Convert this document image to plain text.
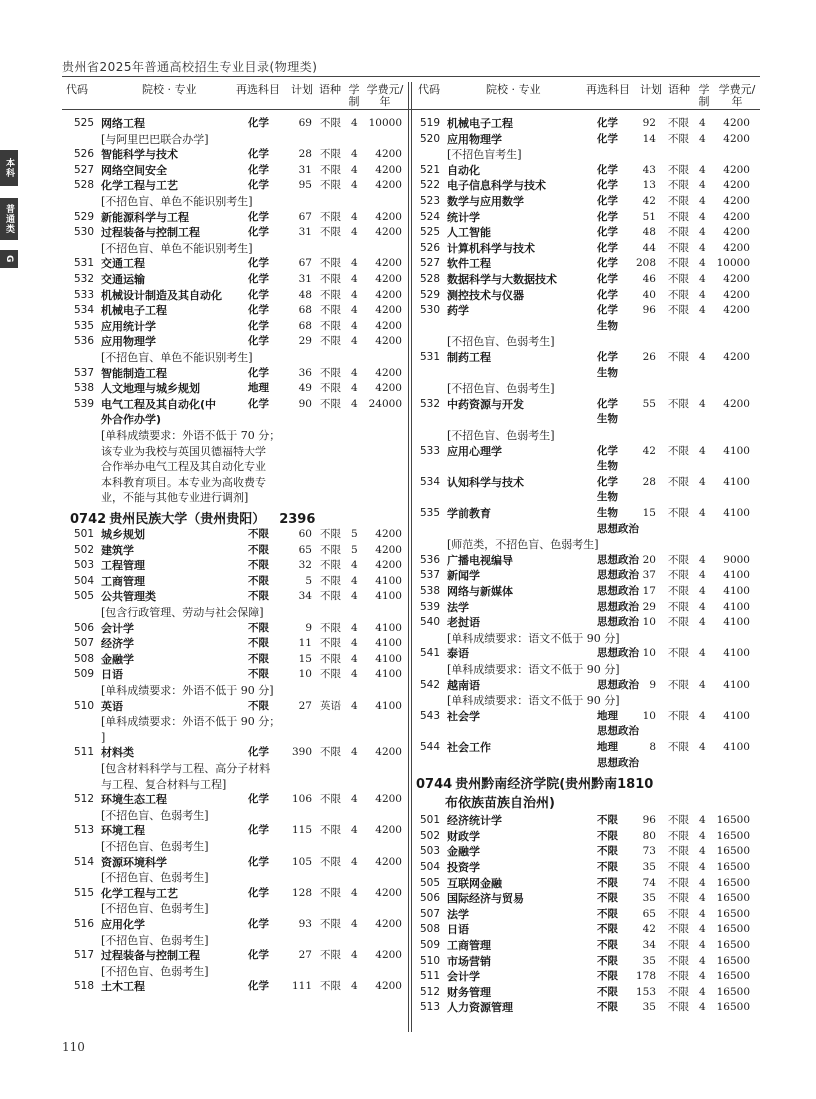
贵州省2025年普通高校招生专业目录(物理类)
本科
普通类
G
代码	院校 · 专业	再选科目 计划 语种 学制
学费元/年
代码	院校 · 专业	再选科目 计划 语种 学制
学费元/年
525 网络工程	化学	69 不限 4	10000
[与阿里巴巴联合办学]
526 智能科学与技术	化学	28 不限 4	4200
527 网络空间安全	化学	31 不限 4	4200
528 化学工程与工艺	化学	95 不限 4	4200
[不招色盲、单色不能识别考生]
529 新能源科学与工程	化学	67 不限 4	4200
530 过程装备与控制工程	化学	31 不限 4	4200
[不招色盲、单色不能识别考生]
531 交通工程	化学	67 不限 4	4200
532 交通运输	化学	31 不限 4	4200
533 机械设计制造及其自动化 化学	48 不限 4	4200
534 机械电子工程	化学	68 不限 4	4200
535 应用统计学	化学	68 不限 4	4200
536 应用物理学	化学	29 不限 4	4200
[不招色盲、单色不能识别考生]
537 智能制造工程	化学	36 不限 4	4200
538 人文地理与城乡规划	地理	49 不限 4	4200
539 电气工程及其自动化(中	化学	90 不限 4	24000
外合作办学)
[单科成绩要求：外语不低于 70 分；
该专业为我校与英国贝德福特大学
合作举办电气工程及其自动化专业
本科教育项目。本专业为高收费专
业，不能与其他专业进行调剂]
0742 贵州民族大学（贵州贵阳） 2396
501 城乡规划	不限	60 不限 5	4200
502 建筑学	不限	65 不限 5	4200
503 工程管理	不限	32 不限 4	4200
504 工商管理	不限	5 不限 4	4100
505 公共管理类	不限	34 不限 4	4100
[包含行政管理、劳动与社会保障]
506 会计学	不限	9 不限 4	4100
507 经济学	不限	11 不限 4	4100
508 金融学	不限	15 不限 4	4100
509 日语	不限	10 不限 4	4100
[单科成绩要求：外语不低于 90 分]
510 英语	不限	27 英语 4	4100
[单科成绩要求：外语不低于 90 分；
]
511 材料类	化学	390 不限 4	4200
[包含材料科学与工程、高分子材料
与工程、复合材料与工程]
512 环境生态工程	化学	106 不限 4	4200
[不招色盲、色弱考生]
513 环境工程	化学	115 不限 4	4200
[不招色盲、色弱考生]
514 资源环境科学	化学	105 不限 4	4200
[不招色盲、色弱考生]
515 化学工程与工艺	化学	128 不限 4	4200
[不招色盲、色弱考生]
516 应用化学	化学	93 不限 4	4200
[不招色盲、色弱考生]
517 过程装备与控制工程	化学	27 不限 4	4200
[不招色盲、色弱考生]
518 土木工程	化学	111 不限 4	4200
519 机械电子工程	化学	92 不限 4	4200
520 应用物理学	化学	14 不限 4	4200
[不招色盲考生]
521 自动化	化学	43 不限 4	4200
522 电子信息科学与技术	化学	13 不限 4	4200
523 数学与应用数学	化学	42 不限 4	4200
524 统计学	化学	51 不限 4	4200
525 人工智能	化学	48 不限 4	4200
526 计算机科学与技术	化学	44 不限 4	4200
527 软件工程	化学	208 不限 4	10000
528 数据科学与大数据技术	化学	46 不限 4	4200
529 测控技术与仪器	化学	40 不限 4	4200
530 药学	化学	96 不限 4	4200
生物
[不招色盲、色弱考生]
531 制药工程	化学	26 不限 4	4200
生物
[不招色盲、色弱考生]
532 中药资源与开发	化学	55 不限 4	4200
生物
[不招色盲、色弱考生]
533 应用心理学	化学	42 不限 4	4100
生物
534 认知科学与技术	化学	28 不限 4	4100
生物
535 学前教育	生物	15 不限 4	4100
思想政治
[师范类，不招色盲、色弱考生]
536 广播电视编导	思想政治 20 不限 4	9000
537 新闻学	思想政治 37 不限 4	4100
538 网络与新媒体	思想政治 17 不限 4	4100
539 法学	思想政治 29 不限 4	4100
540 老挝语	思想政治 10 不限 4	4100
[单科成绩要求：语文不低于 90 分]
541 泰语	思想政治 10 不限 4	4100
[单科成绩要求：语文不低于 90 分]
542 越南语	思想政治 9 不限 4	4100
[单科成绩要求：语文不低于 90 分]
543 社会学	地理	10 不限 4	4100
思想政治
544 社会工作	地理	8 不限 4	4100
思想政治
0744 贵州黔南经济学院(贵州黔南1810
布依族苗族自治州)
501 经济统计学	不限	96 不限 4	16500
502 财政学	不限	80 不限 4	16500
503 金融学	不限	73 不限 4	16500
504 投资学	不限	35 不限 4	16500
505 互联网金融	不限	74 不限 4	16500
506 国际经济与贸易	不限	35 不限 4	16500
507 法学	不限	65 不限 4	16500
508 日语	不限	42 不限 4	16500
509 工商管理	不限	34 不限 4	16500
510 市场营销	不限	35 不限 4	16500
511 会计学	不限	178 不限 4	16500
512 财务管理	不限	153 不限 4	16500
513 人力资源管理	不限	35 不限 4	16500
110
